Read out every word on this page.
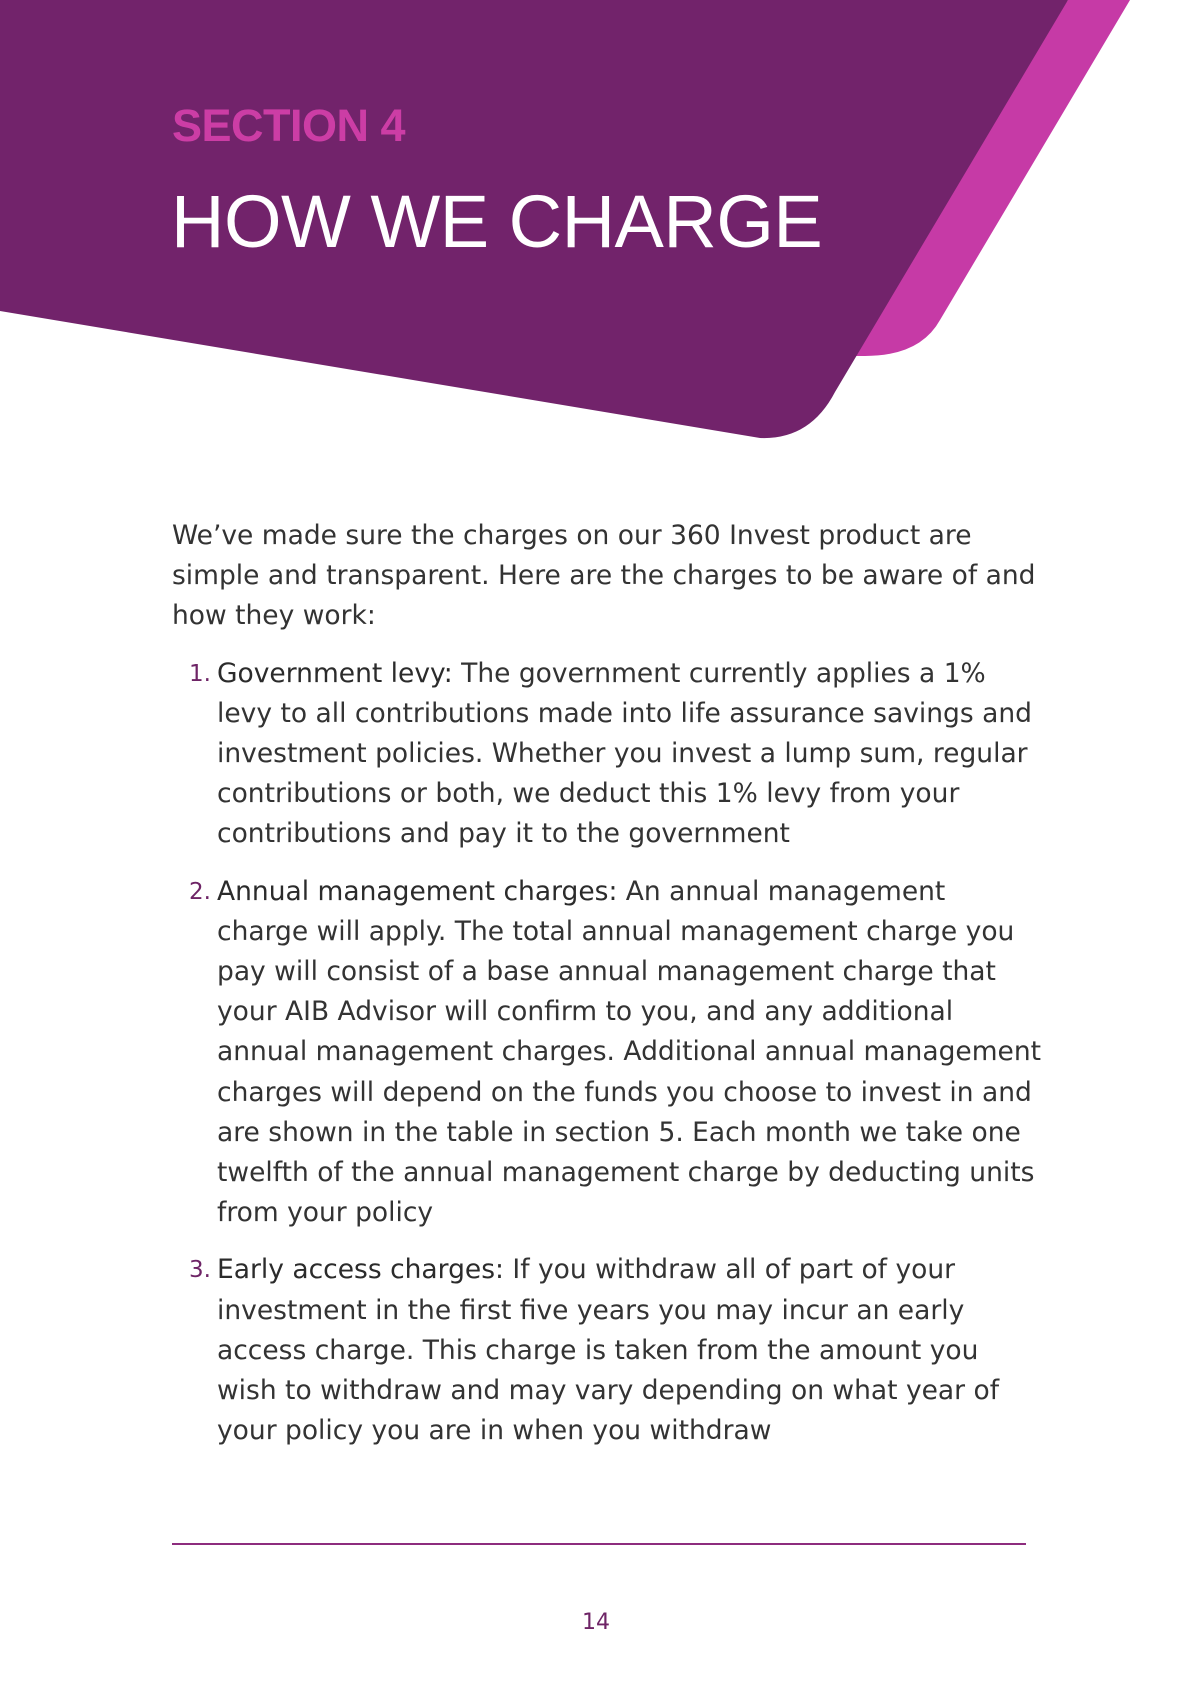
SECTION 4
HOW WE CHARGE

We’ve made sure the charges on our 360 Invest product are simple and transparent. Here are the charges to be aware of and how they work:

1. Government levy: The government currently applies a 1% levy to all contributions made into life assurance savings and investment policies. Whether you invest a lump sum, regular contributions or both, we deduct this 1% levy from your contributions and pay it to the government
2. Annual management charges: An annual management charge will apply. The total annual management charge you pay will consist of a base annual management charge that your AIB Advisor will confirm to you, and any additional annual management charges. Additional annual management charges will depend on the funds you choose to invest in and are shown in the table in section 5. Each month we take one twelfth of the annual management charge by deducting units from your policy
3. Early access charges: If you withdraw all of part of your investment in the first five years you may incur an early access charge. This charge is taken from the amount you wish to withdraw and may vary depending on what year of your policy you are in when you withdraw
14
